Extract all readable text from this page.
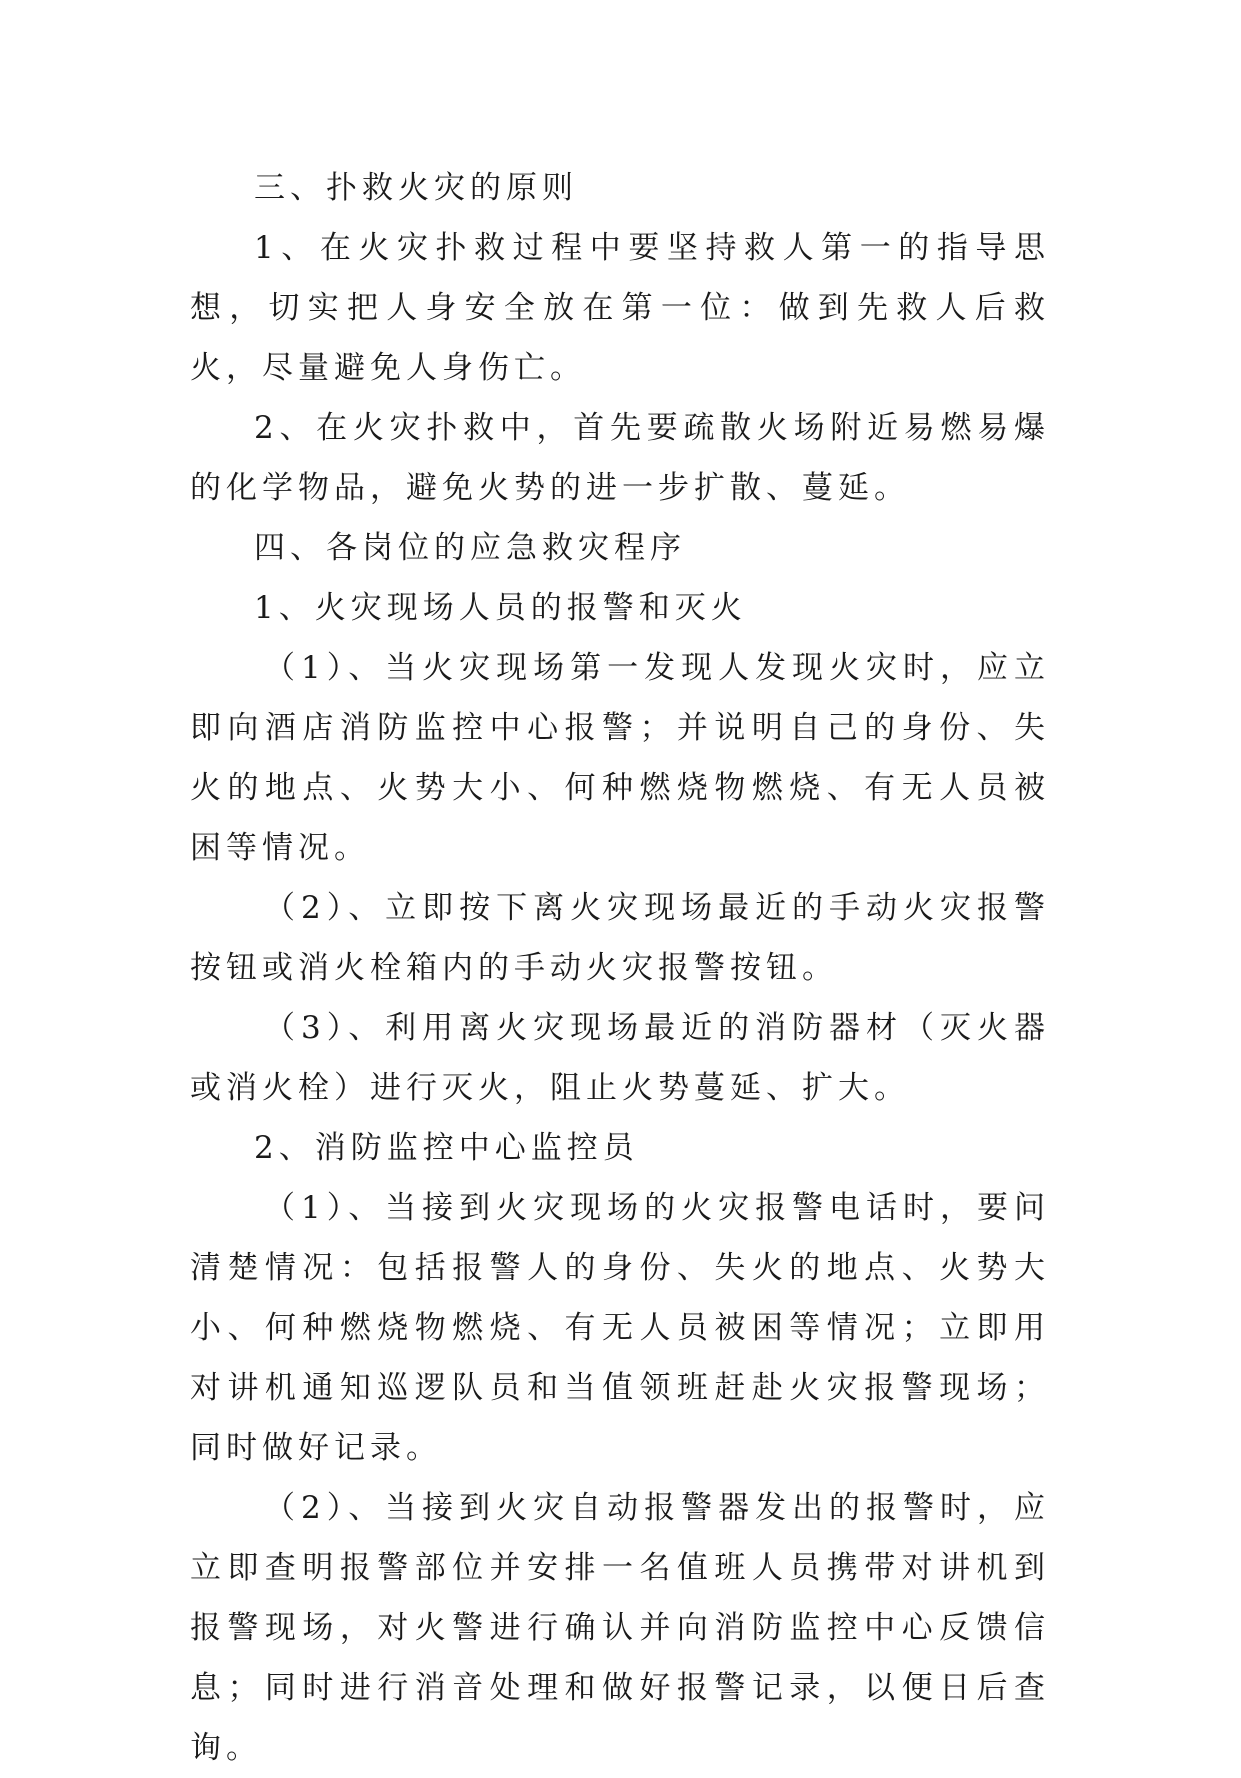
三、扑救火灾的原则

1、在火灾扑救过程中要坚持救人第一的指导思想，切实把人身安全放在第一位：做到先救人后救火，尽量避免人身伤亡。

2、在火灾扑救中，首先要疏散火场附近易燃易爆的化学物品，避免火势的进一步扩散、蔓延。

四、各岗位的应急救灾程序

1、火灾现场人员的报警和灭火

（1）、当火灾现场第一发现人发现火灾时，应立即向酒店消防监控中心报警；并说明自己的身份、失火的地点、火势大小、何种燃烧物燃烧、有无人员被困等情况。

（2）、立即按下离火灾现场最近的手动火灾报警按钮或消火栓箱内的手动火灾报警按钮。

（3）、利用离火灾现场最近的消防器材（灭火器或消火栓）进行灭火，阻止火势蔓延、扩大。

2、消防监控中心监控员

（1）、当接到火灾现场的火灾报警电话时，要问清楚情况：包括报警人的身份、失火的地点、火势大小、何种燃烧物燃烧、有无人员被困等情况；立即用对讲机通知巡逻队员和当值领班赶赴火灾报警现场；同时做好记录。

（2）、当接到火灾自动报警器发出的报警时，应立即查明报警部位并安排一名值班人员携带对讲机到报警现场，对火警进行确认并向消防监控中心反馈信息；同时进行消音处理和做好报警记录，以便日后查询。
